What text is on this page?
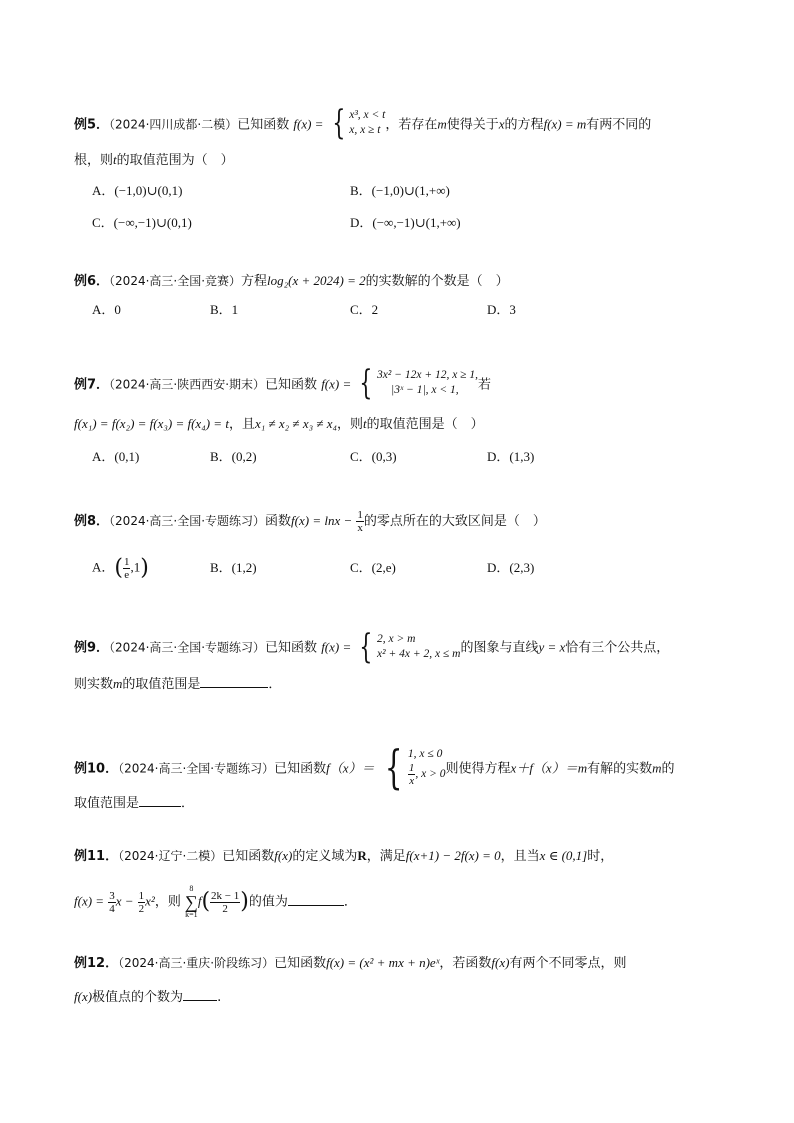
例5．（2024·四川成都·二模）已知函数 f(x) = { x³, x < t
x, x ≥ t ，若存在m使得关于x的方程f(x) = m有两不同的
根，则t的取值范围为（　）
A．(−1,0)∪(0,1)	B．(−1,0)∪(1,+∞)
C．(−∞,−1)∪(0,1)	D．(−∞,−1)∪(1,+∞)
例6．（2024·高三·全国·竞赛）方程log₂(x + 2024) = 2的实数解的个数是（　）
A．0	B．1	C．2	D．3
例7．（2024·高三·陕西西安·期末）已知函数 f(x) = { 3x² − 12x + 12, x ≥ 1,
|3ˣ − 1|, x < 1,	若
f(x₁) = f(x₂) = f(x₃) = f(x₄) = t，且x₁ ≠ x₂ ≠ x₃ ≠ x₄，则t的取值范围是（　）
A．(0,1)	B．(0,2)	C．(0,3)	D．(1,3)
例8．（2024·高三·全国·专题练习）函数$f(x) = \ln x - \frac{1}{x}$ 的零点所在的大致区间是（　）
A．( $\frac{1}{e} ,1$)	B．(1,2)	C．(2,e)	D．(2,3)
例9．（2024·高三·全国·专题练习）已知函数 f(x) = { 2, x > m
x² + 4x + 2, x ≤ m 的图象与直线y = x恰有三个公共点，
则实数m的取值范围是	．
例10．（2024·高三·全国·专题练习）已知函数f（x）＝ { 1, x ≤ 0
$\frac{1}{x}$ , x > 0 则使得方程x＋f（x）＝m有解的实数m的
取值范围是	．
例11．（2024·辽宁·二模）已知函数f(x)的定义域为R，满足f(x+1) − 2f(x) = 0，且当x ∈ (0,1]时，
$f(x) = \frac{3}{4}$ $x - \frac{1}{2} x^2$，则
8
∑
k=1
$f( \frac{2k - 1}{2}$ )的值为	．
例12．（2024·高三·重庆·阶段练习）已知函数f(x) = (x² + mx + n)eˣ，若函数f(x)有两个不同零点，则
f(x)极值点的个数为	.
